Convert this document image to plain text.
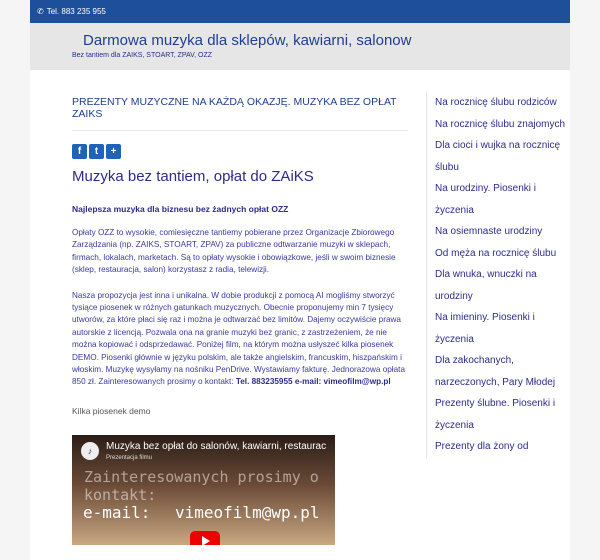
✆ Tel. 883 235 955
Darmowa muzyka dla sklepów, kawiarni, salonow
Bez tantiem dla ZAIKS, STOART, ZPAV, OZZ
PREZENTY MUZYCZNE NA KAŻDĄ OKAZJĘ. MUZYKA BEZ OPŁAT ZAIKS
f	t	+
Muzyka bez tantiem, opłat do ZAiKS
Najlepsza muzyka dla biznesu bez żadnych opłat OZZ
Opłaty OZZ to wysokie, comiesięczne tantiemy pobierane przez Organizacje Zbiorowego Zarządzania (np. ZAIKS, STOART, ZPAV) za publiczne odtwarzanie muzyki w sklepach, firmach, lokalach, marketach. Są to opłaty wysokie i obowiązkowe, jeśli w swoim biznesie (sklep, restauracja, salon) korzystasz z radia, telewizji.
Nasza propozycja jest inna i unikalna. W dobie produkcji z pomocą AI mogliśmy stworzyć tysiące piosenek w różnych gatunkach muzycznych. Obecnie proponujemy min 7 tysięcy utworów, za które płaci się raz i można je odtwarzać bez limitów. Dajemy oczywiście prawa autorskie z licencją. Pozwala ona na granie muzyki bez granic, z zastrzeżeniem, że nie można kopiować i odsprzedawać. Poniżej film, na którym można usłyszeć kilka piosenek DEMO. Piosenki głównie w języku polskim, ale także angielskim, francuskim, hiszpańskim i włoskim. Muzykę wysyłamy na nośniku PenDrive. Wystawiamy fakturę. Jednorazowa opłata 850 zł. Zainteresowanych prosimy o kontakt: Tel. 883235955 e-mail: vimeofilm@wp.pl
Kilka piosenek demo
♪	Muzyka bez opłat do salonów, kawiarni, restaurac
Prezentacja filmu
Zainteresowanych prosimy o kontakt:
e-mail: vimeofilm@wp.pl
Na rocznicę ślubu rodziców
Na rocznicę ślubu znajomych
Dla cioci i wujka na rocznicę ślubu
Na urodziny. Piosenki i życzenia
Na osiemnaste urodziny
Od męża na rocznicę ślubu
Dla wnuka, wnuczki na urodziny
Na imieniny. Piosenki i życzenia
Dla zakochanych, narzeczonych, Pary Młodej
Prezenty ślubne. Piosenki i życzenia
Prezenty dla żony od
